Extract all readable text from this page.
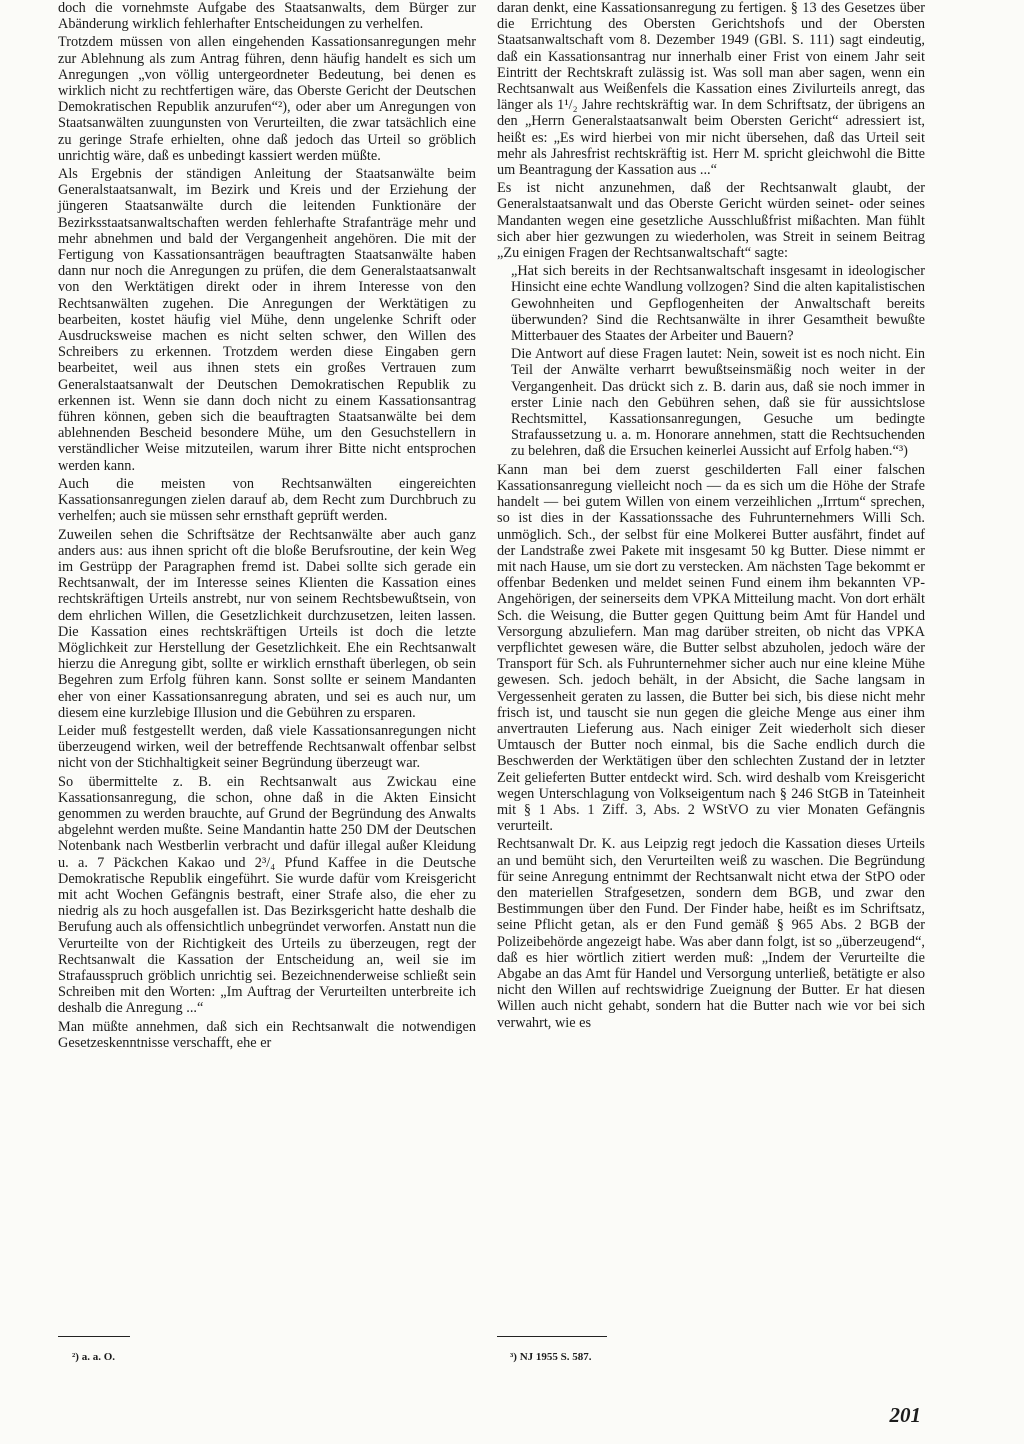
doch die vornehmste Aufgabe des Staatsanwalts, dem Bürger zur Abänderung wirklich fehlerhafter Entscheidungen zu verhelfen.

Trotzdem müssen von allen eingehenden Kassationsanregungen mehr zur Ablehnung als zum Antrag führen, denn häufig handelt es sich um Anregungen „von völlig untergeordneter Bedeutung, bei denen es wirklich nicht zu rechtfertigen wäre, das Oberste Gericht der Deutschen Demokratischen Republik anzurufen“²), oder aber um Anregungen von Staatsanwälten zuungunsten von Verurteilten, die zwar tatsächlich eine zu geringe Strafe erhielten, ohne daß jedoch das Urteil so gröblich unrichtig wäre, daß es unbedingt kassiert werden müßte.

Als Ergebnis der ständigen Anleitung der Staatsanwälte beim Generalstaatsanwalt, im Bezirk und Kreis und der Erziehung der jüngeren Staatsanwälte durch die leitenden Funktionäre der Bezirksstaatsanwaltschaften werden fehlerhafte Strafanträge mehr und mehr abnehmen und bald der Vergangenheit angehören. Die mit der Fertigung von Kassationsanträgen beauftragten Staatsanwälte haben dann nur noch die Anregungen zu prüfen, die dem Generalstaatsanwalt von den Werktätigen direkt oder in ihrem Interesse von den Rechtsanwälten zugehen. Die Anregungen der Werktätigen zu bearbeiten, kostet häufig viel Mühe, denn ungelenke Schrift oder Ausdrucksweise machen es nicht selten schwer, den Willen des Schreibers zu erkennen. Trotzdem werden diese Eingaben gern bearbeitet, weil aus ihnen stets ein großes Vertrauen zum Generalstaatsanwalt der Deutschen Demokratischen Republik zu erkennen ist. Wenn sie dann doch nicht zu einem Kassationsantrag führen können, geben sich die beauftragten Staatsanwälte bei dem ablehnenden Bescheid besondere Mühe, um den Gesuchstellern in verständlicher Weise mitzuteilen, warum ihrer Bitte nicht entsprochen werden kann.

Auch die meisten von Rechtsanwälten eingereichten Kassationsanregungen zielen darauf ab, dem Recht zum Durchbruch zu verhelfen; auch sie müssen sehr ernsthaft geprüft werden.

Zuweilen sehen die Schriftsätze der Rechtsanwälte aber auch ganz anders aus: aus ihnen spricht oft die bloße Berufsroutine, der kein Weg im Gestrüpp der Paragraphen fremd ist. Dabei sollte sich gerade ein Rechtsanwalt, der im Interesse seines Klienten die Kassation eines rechtskräftigen Urteils anstrebt, nur von seinem Rechtsbewußtsein, von dem ehrlichen Willen, die Gesetzlichkeit durchzusetzen, leiten lassen. Die Kassation eines rechtskräftigen Urteils ist doch die letzte Möglichkeit zur Herstellung der Gesetzlichkeit. Ehe ein Rechtsanwalt hierzu die Anregung gibt, sollte er wirklich ernsthaft überlegen, ob sein Begehren zum Erfolg führen kann. Sonst sollte er seinem Mandanten eher von einer Kassationsanregung abraten, und sei es auch nur, um diesem eine kurzlebige Illusion und die Gebühren zu ersparen.

Leider muß festgestellt werden, daß viele Kassationsanregungen nicht überzeugend wirken, weil der betreffende Rechtsanwalt offenbar selbst nicht von der Stichhaltigkeit seiner Begründung überzeugt war.

So übermittelte z. B. ein Rechtsanwalt aus Zwickau eine Kassationsanregung, die schon, ohne daß in die Akten Einsicht genommen zu werden brauchte, auf Grund der Begründung des Anwalts abgelehnt werden mußte. Seine Mandantin hatte 250 DM der Deutschen Notenbank nach Westberlin verbracht und dafür illegal außer Kleidung u. a. 7 Päckchen Kakao und 2³/₄ Pfund Kaffee in die Deutsche Demokratische Republik eingeführt. Sie wurde dafür vom Kreisgericht mit acht Wochen Gefängnis bestraft, einer Strafe also, die eher zu niedrig als zu hoch ausgefallen ist. Das Bezirksgericht hatte deshalb die Berufung auch als offensichtlich unbegründet verworfen. Anstatt nun die Verurteilte von der Richtigkeit des Urteils zu überzeugen, regt der Rechtsanwalt die Kassation der Entscheidung an, weil sie im Strafausspruch gröblich unrichtig sei. Bezeichnenderweise schließt sein Schreiben mit den Worten: „Im Auftrag der Verurteilten unterbreite ich deshalb die Anregung ...“

Man müßte annehmen, daß sich ein Rechtsanwalt die notwendigen Gesetzeskenntnisse verschafft, ehe er

daran denkt, eine Kassationsanregung zu fertigen. § 13 des Gesetzes über die Errichtung des Obersten Gerichtshofs und der Obersten Staatsanwaltschaft vom 8. Dezember 1949 (GBl. S. 111) sagt eindeutig, daß ein Kassationsantrag nur innerhalb einer Frist von einem Jahr seit Eintritt der Rechtskraft zulässig ist. Was soll man aber sagen, wenn ein Rechtsanwalt aus Weißenfels die Kassation eines Zivilurteils anregt, das länger als 1¹/₂ Jahre rechtskräftig war. In dem Schriftsatz, der übrigens an den „Herrn Generalstaatsanwalt beim Obersten Gericht“ adressiert ist, heißt es: „Es wird hierbei von mir nicht übersehen, daß das Urteil seit mehr als Jahresfrist rechtskräftig ist. Herr M. spricht gleichwohl die Bitte um Beantragung der Kassation aus ...“

Es ist nicht anzunehmen, daß der Rechtsanwalt glaubt, der Generalstaatsanwalt und das Oberste Gericht würden seinet- oder seines Mandanten wegen eine gesetzliche Ausschlußfrist mißachten. Man fühlt sich aber hier gezwungen zu wiederholen, was Streit in seinem Beitrag „Zu einigen Fragen der Rechtsanwaltschaft“ sagte:

„Hat sich bereits in der Rechtsanwaltschaft insgesamt in ideologischer Hinsicht eine echte Wandlung vollzogen? Sind die alten kapitalistischen Gewohnheiten und Gepflogenheiten der Anwaltschaft bereits überwunden? Sind die Rechtsanwälte in ihrer Gesamtheit bewußte Mitterbauer des Staates der Arbeiter und Bauern?

Die Antwort auf diese Fragen lautet: Nein, soweit ist es noch nicht. Ein Teil der Anwälte verharrt bewußtseinsmäßig noch weiter in der Vergangenheit. Das drückt sich z. B. darin aus, daß sie noch immer in erster Linie nach den Gebühren sehen, daß sie für aussichtslose Rechtsmittel, Kassationsanregungen, Gesuche um bedingte Strafaussetzung u. a. m. Honorare annehmen, statt die Rechtsuchenden zu belehren, daß die Ersuchen keinerlei Aussicht auf Erfolg haben.“³)

Kann man bei dem zuerst geschilderten Fall einer falschen Kassationsanregung vielleicht noch — da es sich um die Höhe der Strafe handelt — bei gutem Willen von einem verzeihlichen „Irrtum“ sprechen, so ist dies in der Kassationssache des Fuhrunternehmers Willi Sch. unmöglich. Sch., der selbst für eine Molkerei Butter ausfährt, findet auf der Landstraße zwei Pakete mit insgesamt 50 kg Butter. Diese nimmt er mit nach Hause, um sie dort zu verstecken. Am nächsten Tage bekommt er offenbar Bedenken und meldet seinen Fund einem ihm bekannten VP-Angehörigen, der seinerseits dem VPKA Mitteilung macht. Von dort erhält Sch. die Weisung, die Butter gegen Quittung beim Amt für Handel und Versorgung abzuliefern. Man mag darüber streiten, ob nicht das VPKA verpflichtet gewesen wäre, die Butter selbst abzuholen, jedoch wäre der Transport für Sch. als Fuhrunternehmer sicher auch nur eine kleine Mühe gewesen. Sch. jedoch behält, in der Absicht, die Sache langsam in Vergessenheit geraten zu lassen, die Butter bei sich, bis diese nicht mehr frisch ist, und tauscht sie nun gegen die gleiche Menge aus einer ihm anvertrauten Lieferung aus. Nach einiger Zeit wiederholt sich dieser Umtausch der Butter noch einmal, bis die Sache endlich durch die Beschwerden der Werktätigen über den schlechten Zustand der in letzter Zeit gelieferten Butter entdeckt wird. Sch. wird deshalb vom Kreisgericht wegen Unterschlagung von Volkseigentum nach § 246 StGB in Tateinheit mit § 1 Abs. 1 Ziff. 3, Abs. 2 WStVO zu vier Monaten Gefängnis verurteilt.

Rechtsanwalt Dr. K. aus Leipzig regt jedoch die Kassation dieses Urteils an und bemüht sich, den Verurteilten weiß zu waschen. Die Begründung für seine Anregung entnimmt der Rechtsanwalt nicht etwa der StPO oder den materiellen Strafgesetzen, sondern dem BGB, und zwar den Bestimmungen über den Fund. Der Finder habe, heißt es im Schriftsatz, seine Pflicht getan, als er den Fund gemäß § 965 Abs. 2 BGB der Polizeibehörde angezeigt habe. Was aber dann folgt, ist so „überzeugend“, daß es hier wörtlich zitiert werden muß: „Indem der Verurteilte die Abgabe an das Amt für Handel und Versorgung unterließ, betätigte er also nicht den Willen auf rechtswidrige Zueignung der Butter. Er hat diesen Willen auch nicht gehabt, sondern hat die Butter nach wie vor bei sich verwahrt, wie es

²) a. a. O.	³) NJ 1955 S. 587.
201
